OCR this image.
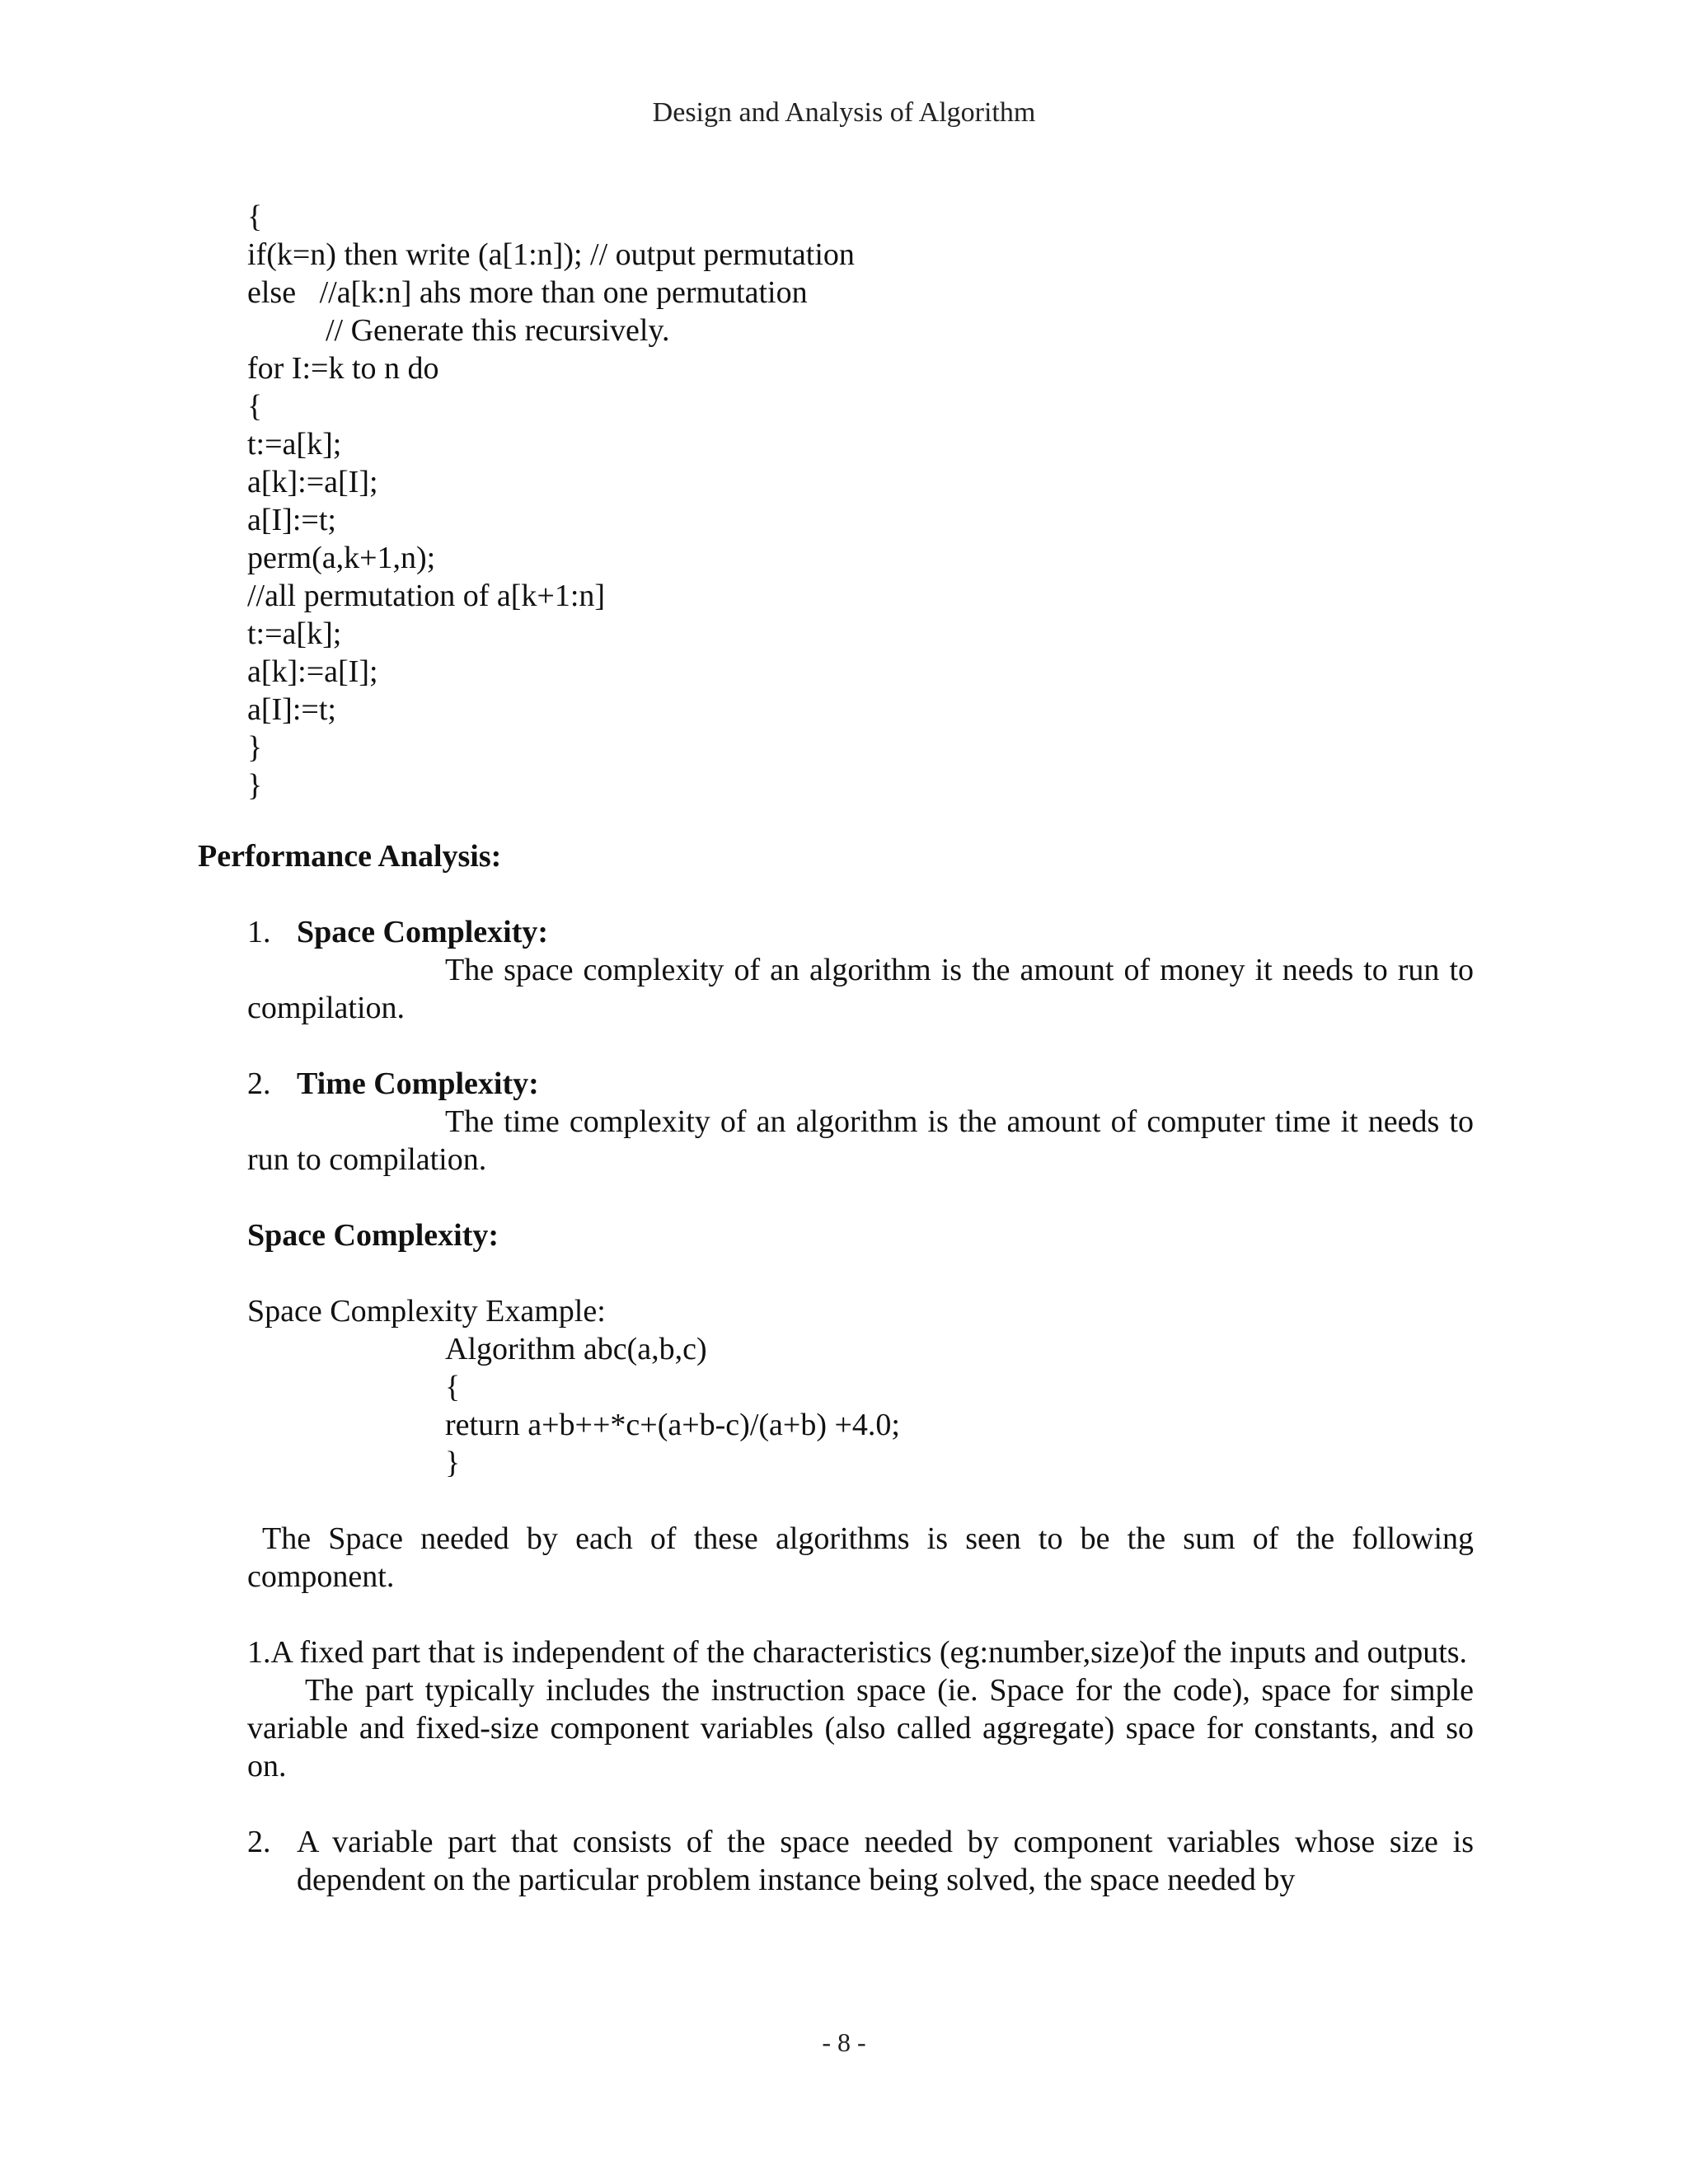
Design and Analysis of Algorithm
{
if(k=n) then write (a[1:n]); // output permutation
else   //a[k:n] ahs more than one permutation
// Generate this recursively.
for I:=k to n do
{
t:=a[k];
a[k]:=a[I];
a[I]:=t;
perm(a,k+1,n);
//all permutation of a[k+1:n]
t:=a[k];
a[k]:=a[I];
a[I]:=t;
}
}

Performance Analysis:

1. Space Complexity:

The space complexity of an algorithm is the amount of money it needs to run to compilation.

2. Time Complexity:

The time complexity of an algorithm is the amount of computer time it needs to run to compilation.

Space Complexity:

Space Complexity Example:
Algorithm abc(a,b,c)
{
return a+b++*c+(a+b-c)/(a+b) +4.0;
}

The Space needed by each of these algorithms is seen to be the sum of the following component.

1.A fixed part that is independent of the characteristics (eg:number,size)of the inputs and outputs.

The part typically includes the instruction space (ie. Space for the code), space for simple variable and fixed-size component variables (also called aggregate) space for constants, and so on.

2. A variable part that consists of the space needed by component variables whose size is dependent on the particular problem instance being solved, the space needed by
- 8 -
